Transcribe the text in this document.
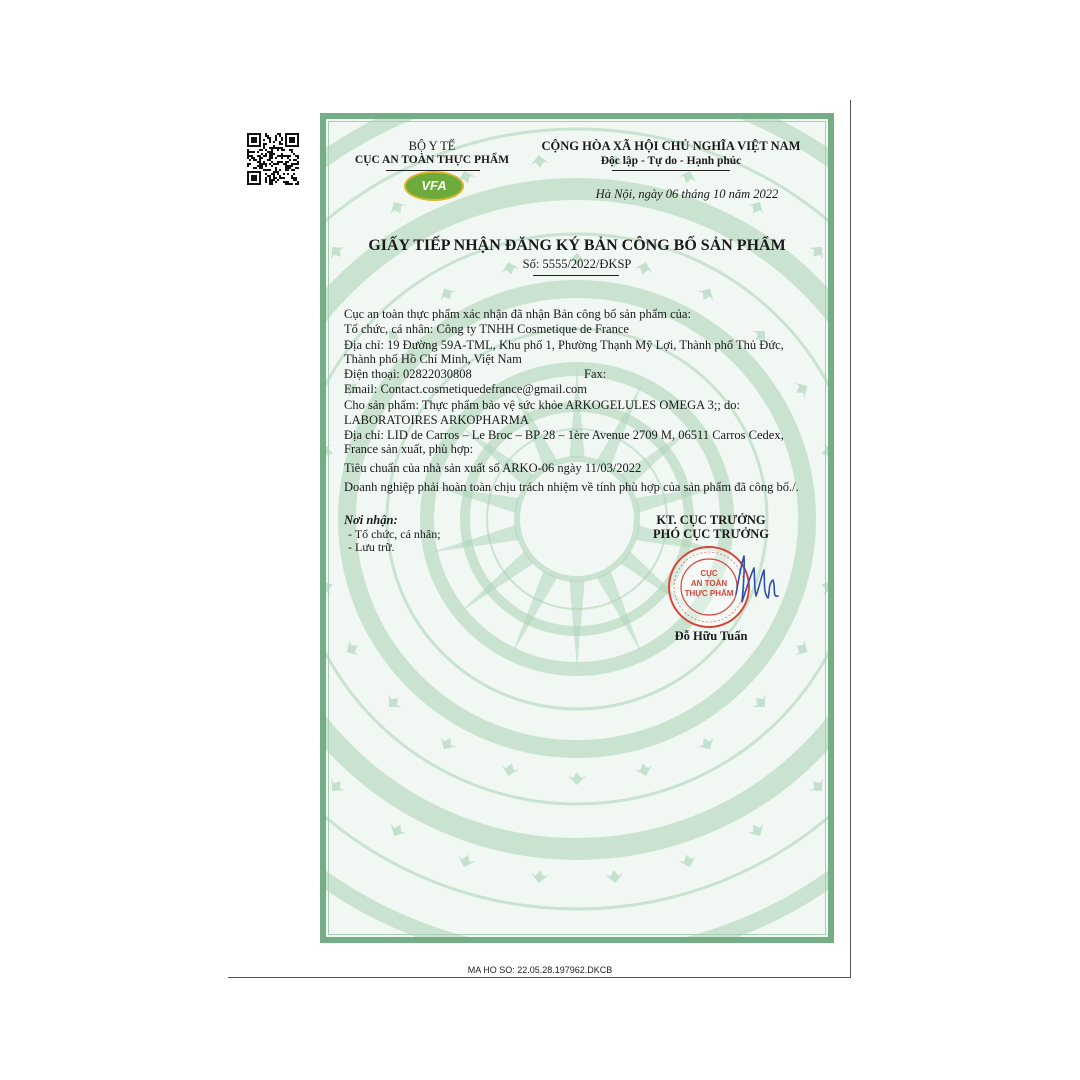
BỘ Y TẾ
CỤC AN TOÀN THỰC PHẨM
VFA
CỘNG HÒA XÃ HỘI CHỦ NGHĨA VIỆT NAM
Độc lập - Tự do - Hạnh phúc
Hà Nội, ngày 06 tháng 10 năm 2022
GIẤY TIẾP NHẬN ĐĂNG KÝ BẢN CÔNG BỐ SẢN PHẨM
Số: 5555/2022/ĐKSP
Cục an toàn thực phẩm xác nhận đã nhận Bản công bố sản phẩm của:
Tổ chức, cá nhân: Công ty TNHH Cosmetique de France
Địa chỉ: 19 Đường 59A-TML, Khu phố 1, Phường Thạnh Mỹ Lợi, Thành phố Thủ Đức,
Thành phố Hồ Chí Minh, Việt Nam
Điện thoại: 02822030808	Fax:
Email: Contact.cosmetiquedefrance@gmail.com
Cho sản phẩm: Thực phẩm bảo vệ sức khỏe ARKOGELULES OMEGA 3;; do:
LABORATOIRES ARKOPHARMA
Địa chỉ: LID de Carros – Le Broc – BP 28 – 1ère Avenue 2709 M, 06511 Carros Cedex,
France sản xuất, phù hợp:
Tiêu chuẩn của nhà sản xuất số ARKO-06 ngày 11/03/2022
Doanh nghiệp phải hoàn toàn chịu trách nhiệm về tính phù hợp của sản phẩm đã công bố./.
Nơi nhận:
- Tổ chức, cá nhân;
- Lưu trữ.
KT. CỤC TRƯỞNG
PHÓ CỤC TRƯỞNG
CỤC
AN TOÀN
THỰC PHẨM
Đỗ Hữu Tuấn
MA HO SO: 22.05.28.197962.DKCB
